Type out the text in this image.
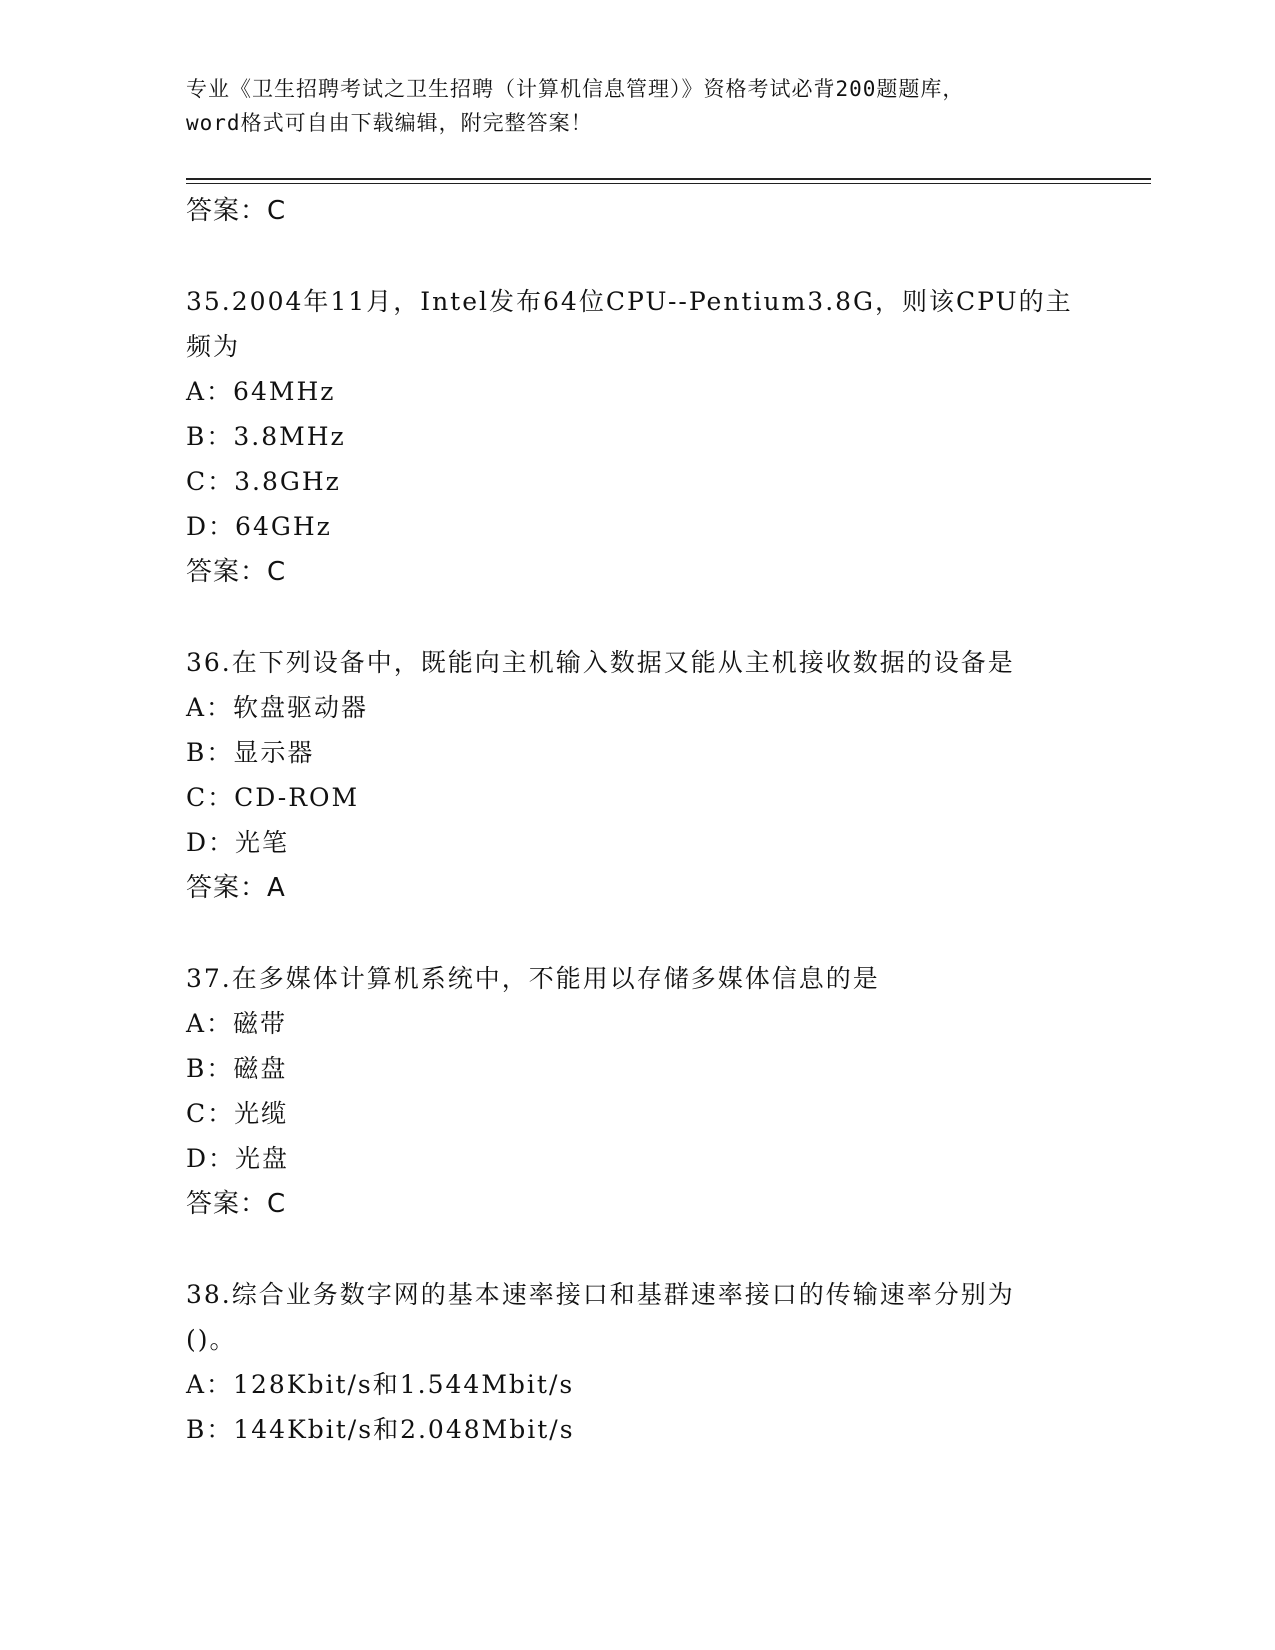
专业《卫生招聘考试之卫生招聘（计算机信息管理）》资格考试必背200题题库，
word格式可自由下载编辑，附完整答案！
答案：C
35.2004年11月，Intel发布64位CPU--Pentium3.8G，则该CPU的主
频为
A：64MHz
B：3.8MHz
C：3.8GHz
D：64GHz
答案：C
36.在下列设备中，既能向主机输入数据又能从主机接收数据的设备是
A：软盘驱动器
B：显示器
C：CD-ROM
D：光笔
答案：A
37.在多媒体计算机系统中，不能用以存储多媒体信息的是
A：磁带
B：磁盘
C：光缆
D：光盘
答案：C
38.综合业务数字网的基本速率接口和基群速率接口的传输速率分别为
()。
A：128Kbit/s和1.544Mbit/s
B：144Kbit/s和2.048Mbit/s
